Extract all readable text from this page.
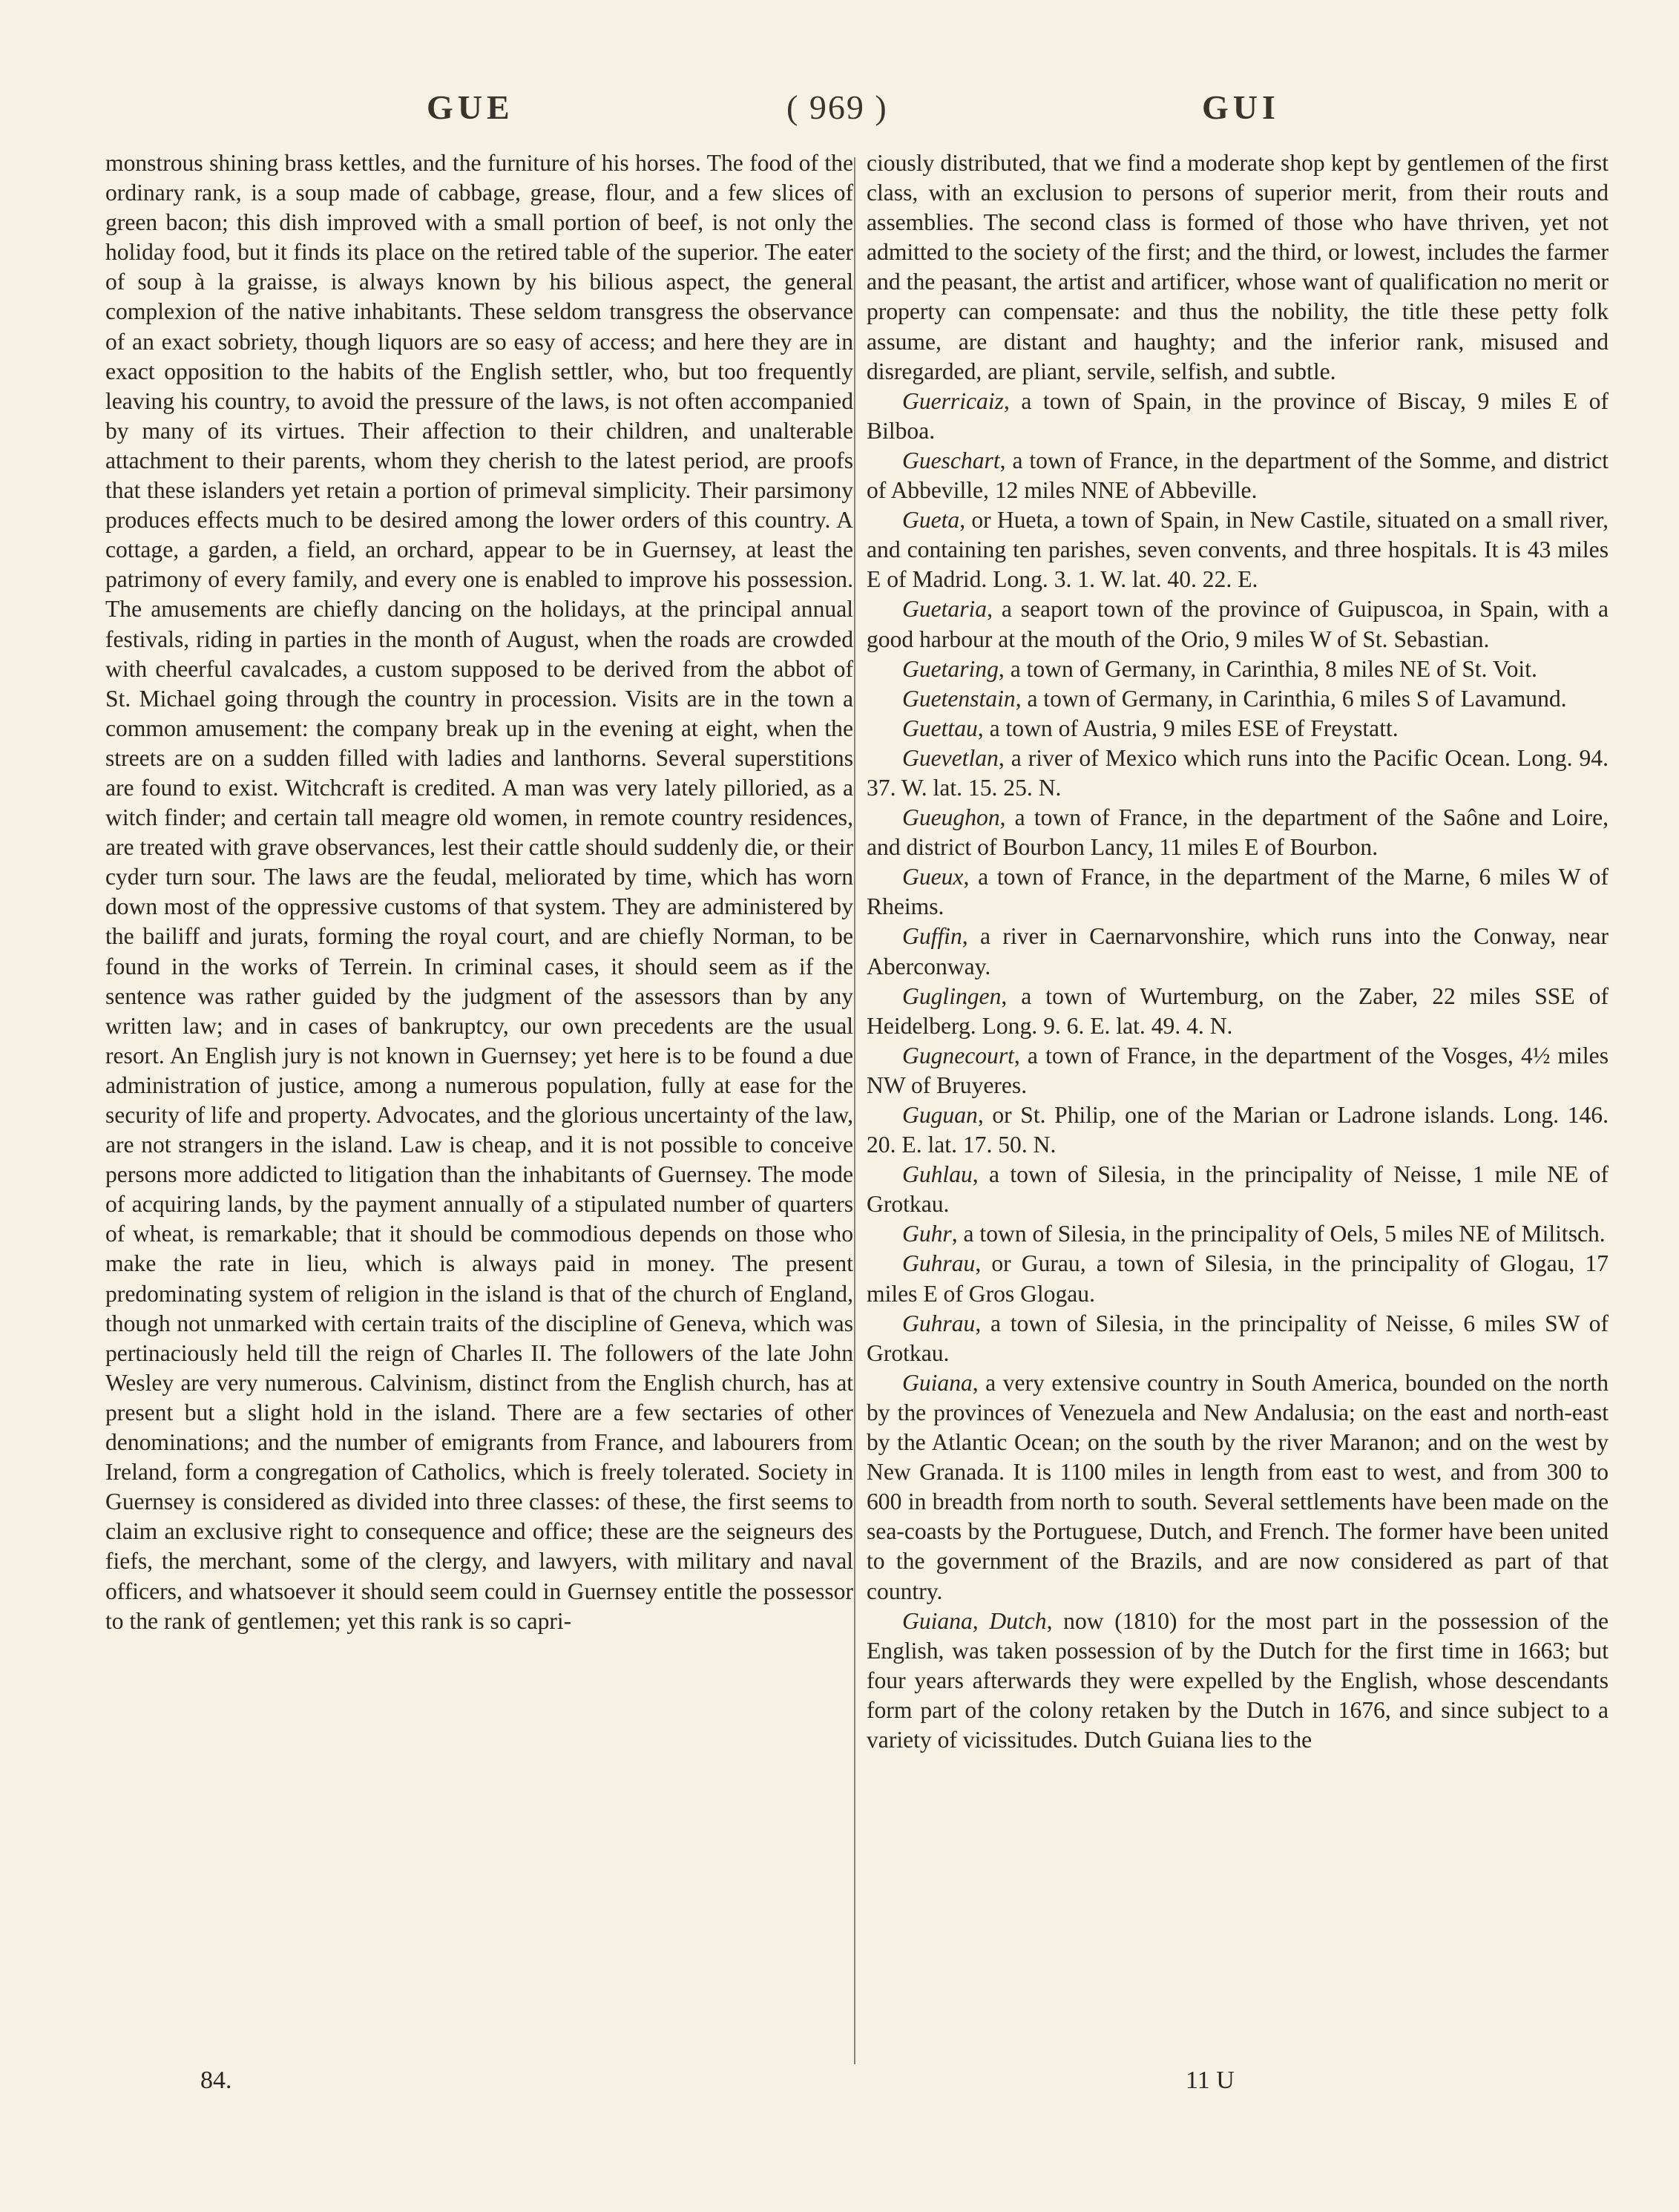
GUE	( 969 )	GUI

monstrous shining brass kettles, and the furniture of his horses. The food of the ordinary rank, is a soup made of cabbage, grease, flour, and a few slices of green bacon; this dish improved with a small portion of beef, is not only the holiday food, but it finds its place on the retired table of the superior. The eater of soup à la graisse, is always known by his bilious aspect, the general complexion of the native inhabitants. These seldom transgress the observance of an exact sobriety, though liquors are so easy of access; and here they are in exact opposition to the habits of the English settler, who, but too frequently leaving his country, to avoid the pressure of the laws, is not often accompanied by many of its virtues. Their affection to their children, and unalterable attachment to their parents, whom they cherish to the latest period, are proofs that these islanders yet retain a portion of primeval simplicity. Their parsimony produces effects much to be desired among the lower orders of this country. A cottage, a garden, a field, an orchard, appear to be in Guernsey, at least the patrimony of every family, and every one is enabled to improve his possession. The amusements are chiefly dancing on the holidays, at the principal annual festivals, riding in parties in the month of August, when the roads are crowded with cheerful cavalcades, a custom supposed to be derived from the abbot of St. Michael going through the country in procession. Visits are in the town a common amusement: the company break up in the evening at eight, when the streets are on a sudden filled with ladies and lanthorns. Several superstitions are found to exist. Witchcraft is credited. A man was very lately pilloried, as a witch finder; and certain tall meagre old women, in remote country residences, are treated with grave observances, lest their cattle should suddenly die, or their cyder turn sour. The laws are the feudal, meliorated by time, which has worn down most of the oppressive customs of that system. They are administered by the bailiff and jurats, forming the royal court, and are chiefly Norman, to be found in the works of Terrein. In criminal cases, it should seem as if the sentence was rather guided by the judgment of the assessors than by any written law; and in cases of bankruptcy, our own precedents are the usual resort. An English jury is not known in Guernsey; yet here is to be found a due administration of justice, among a numerous population, fully at ease for the security of life and property. Advocates, and the glorious uncertainty of the law, are not strangers in the island. Law is cheap, and it is not possible to conceive persons more addicted to litigation than the inhabitants of Guernsey. The mode of acquiring lands, by the payment annually of a stipulated number of quarters of wheat, is remarkable; that it should be commodious depends on those who make the rate in lieu, which is always paid in money. The present predominating system of religion in the island is that of the church of England, though not unmarked with certain traits of the discipline of Geneva, which was pertinaciously held till the reign of Charles II. The followers of the late John Wesley are very numerous. Calvinism, distinct from the English church, has at present but a slight hold in the island. There are a few sectaries of other denominations; and the number of emigrants from France, and labourers from Ireland, form a congregation of Catholics, which is freely tolerated. Society in Guernsey is considered as divided into three classes: of these, the first seems to claim an exclusive right to consequence and office; these are the seigneurs des fiefs, the merchant, some of the clergy, and lawyers, with military and naval officers, and whatsoever it should seem could in Guernsey entitle the possessor to the rank of gentlemen; yet this rank is so capri-

ciously distributed, that we find a moderate shop kept by gentlemen of the first class, with an exclusion to persons of superior merit, from their routs and assemblies. The second class is formed of those who have thriven, yet not admitted to the society of the first; and the third, or lowest, includes the farmer and the peasant, the artist and artificer, whose want of qualification no merit or property can compensate: and thus the nobility, the title these petty folk assume, are distant and haughty; and the inferior rank, misused and disregarded, are pliant, servile, selfish, and subtle.

Guerricaiz, a town of Spain, in the province of Biscay, 9 miles E of Bilboa.

Gueschart, a town of France, in the department of the Somme, and district of Abbeville, 12 miles NNE of Abbeville.

Gueta, or Hueta, a town of Spain, in New Castile, situated on a small river, and containing ten parishes, seven convents, and three hospitals. It is 43 miles E of Madrid. Long. 3. 1. W. lat. 40. 22. E.

Guetaria, a seaport town of the province of Guipuscoa, in Spain, with a good harbour at the mouth of the Orio, 9 miles W of St. Sebastian.

Guetaring, a town of Germany, in Carinthia, 8 miles NE of St. Voit.

Guetenstain, a town of Germany, in Carinthia, 6 miles S of Lavamund.

Guettau, a town of Austria, 9 miles ESE of Freystatt.

Guevetlan, a river of Mexico which runs into the Pacific Ocean. Long. 94. 37. W. lat. 15. 25. N.

Gueughon, a town of France, in the department of the Saône and Loire, and district of Bourbon Lancy, 11 miles E of Bourbon.

Gueux, a town of France, in the department of the Marne, 6 miles W of Rheims.

Guffin, a river in Caernarvonshire, which runs into the Conway, near Aberconway.

Guglingen, a town of Wurtemburg, on the Zaber, 22 miles SSE of Heidelberg. Long. 9. 6. E. lat. 49. 4. N.

Gugnecourt, a town of France, in the department of the Vosges, 4½ miles NW of Bruyeres.

Guguan, or St. Philip, one of the Marian or Ladrone islands. Long. 146. 20. E. lat. 17. 50. N.

Guhlau, a town of Silesia, in the principality of Neisse, 1 mile NE of Grotkau.

Guhr, a town of Silesia, in the principality of Oels, 5 miles NE of Militsch.

Guhrau, or Gurau, a town of Silesia, in the principality of Glogau, 17 miles E of Gros Glogau.

Guhrau, a town of Silesia, in the principality of Neisse, 6 miles SW of Grotkau.

Guiana, a very extensive country in South America, bounded on the north by the provinces of Venezuela and New Andalusia; on the east and north-east by the Atlantic Ocean; on the south by the river Maranon; and on the west by New Granada. It is 1100 miles in length from east to west, and from 300 to 600 in breadth from north to south. Several settlements have been made on the sea-coasts by the Portuguese, Dutch, and French. The former have been united to the government of the Brazils, and are now considered as part of that country.

Guiana, Dutch, now (1810) for the most part in the possession of the English, was taken possession of by the Dutch for the first time in 1663; but four years afterwards they were expelled by the English, whose descendants form part of the colony retaken by the Dutch in 1676, and since subject to a variety of vicissitudes. Dutch Guiana lies to the

84.	11 U
